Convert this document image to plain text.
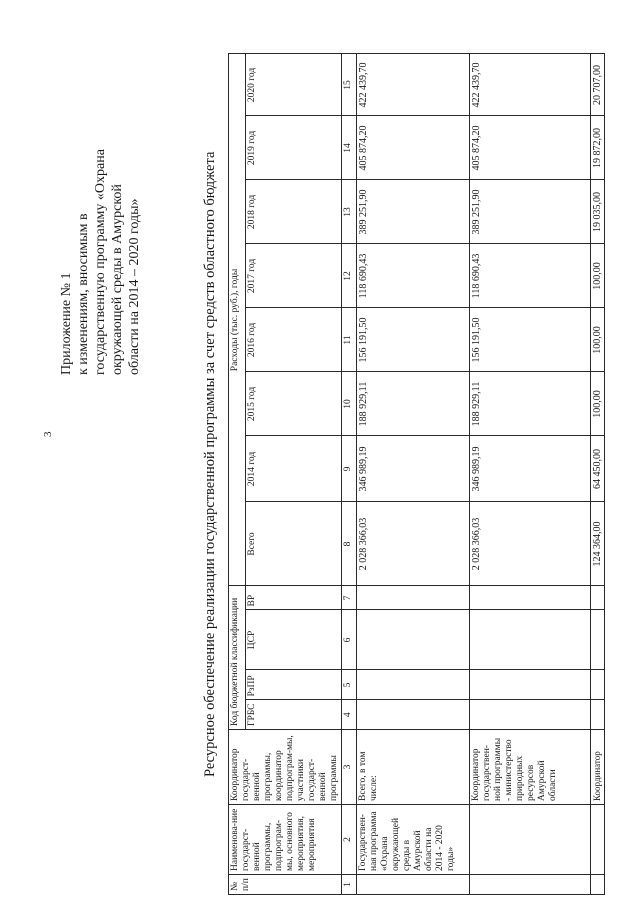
3
Приложение № 1 к изменениям, вносимым в государственную программу «Охрана окружающей среды в Амурской области на 2014 – 2020 годы»	Ресурсное обеспечение реализации государственной программы за счет средств областного бюджета
№ п/п	Наименова-ние государст-венной программы, подпрограм-мы, основного мероприятия, мероприятия	Координатор государст-венной программы, координатор подпрограм-мы, участники государст-венной программы	Код бюджетной классификации				Расходы (тыс. руб.), годы							
			ГРБС	РзПР	ЦСР	ВР	Всего	2014 год	2015 год	2016 год	2017 год	2018 год	2019 год	2020 год

1	2	3	4	5	6	7	8	9	10	11	12	13	14	15
	Государствен-ная программа «Охрана окружающей среды в Амурской области на 2014 - 2020 годы»	Всего, в том числе:					2 028 366,03	346 989,19	188 929,11	156 191,50	118 690,43	389 251,90	405 874,20	422 439,70
		Координатор государствен-ной программы - министерство природных ресурсов Амурской области					2 028 366,03	346 989,19	188 929,11	156 191,50	118 690,43	389 251,90	405 874,20	422 439,70
		Координатор					124 364,00	64 450,00	100,00	100,00	100,00	19 035,00	19 872,00	20 707,00
